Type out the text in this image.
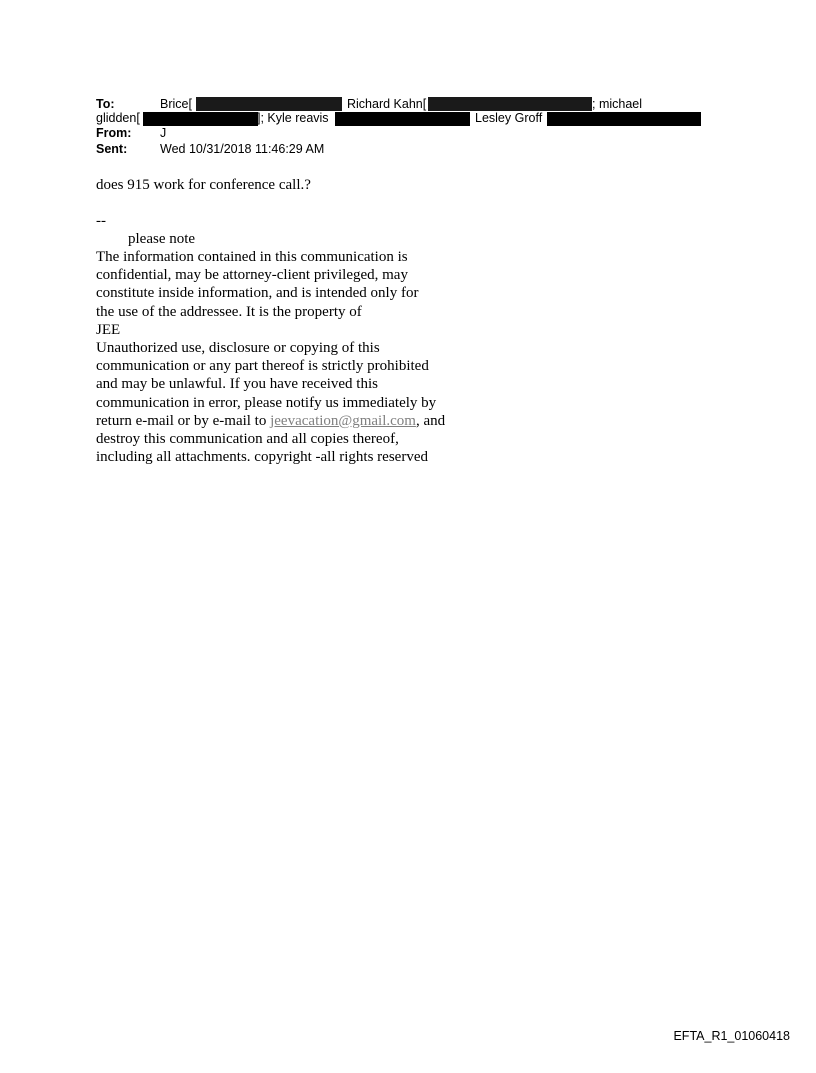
To:	Brice[	Richard Kahn[	; michael
glidden[	]; Kyle reavis	Lesley Groff
From: J
Sent:	Wed 10/31/2018 11:46:29 AM
does 915 work for conference call.?
--
please note
The information contained in this communication is
confidential, may be attorney-client privileged, may
constitute inside information, and is intended only for
the use of the addressee. It is the property of
JEE
Unauthorized use, disclosure or copying of this
communication or any part thereof is strictly prohibited
and may be unlawful. If you have received this
communication in error, please notify us immediately by
return e-mail or by e-mail to jeevacation@gmail.com, and
destroy this communication and all copies thereof,
including all attachments. copyright -all rights reserved
EFTA_R1_01060418
